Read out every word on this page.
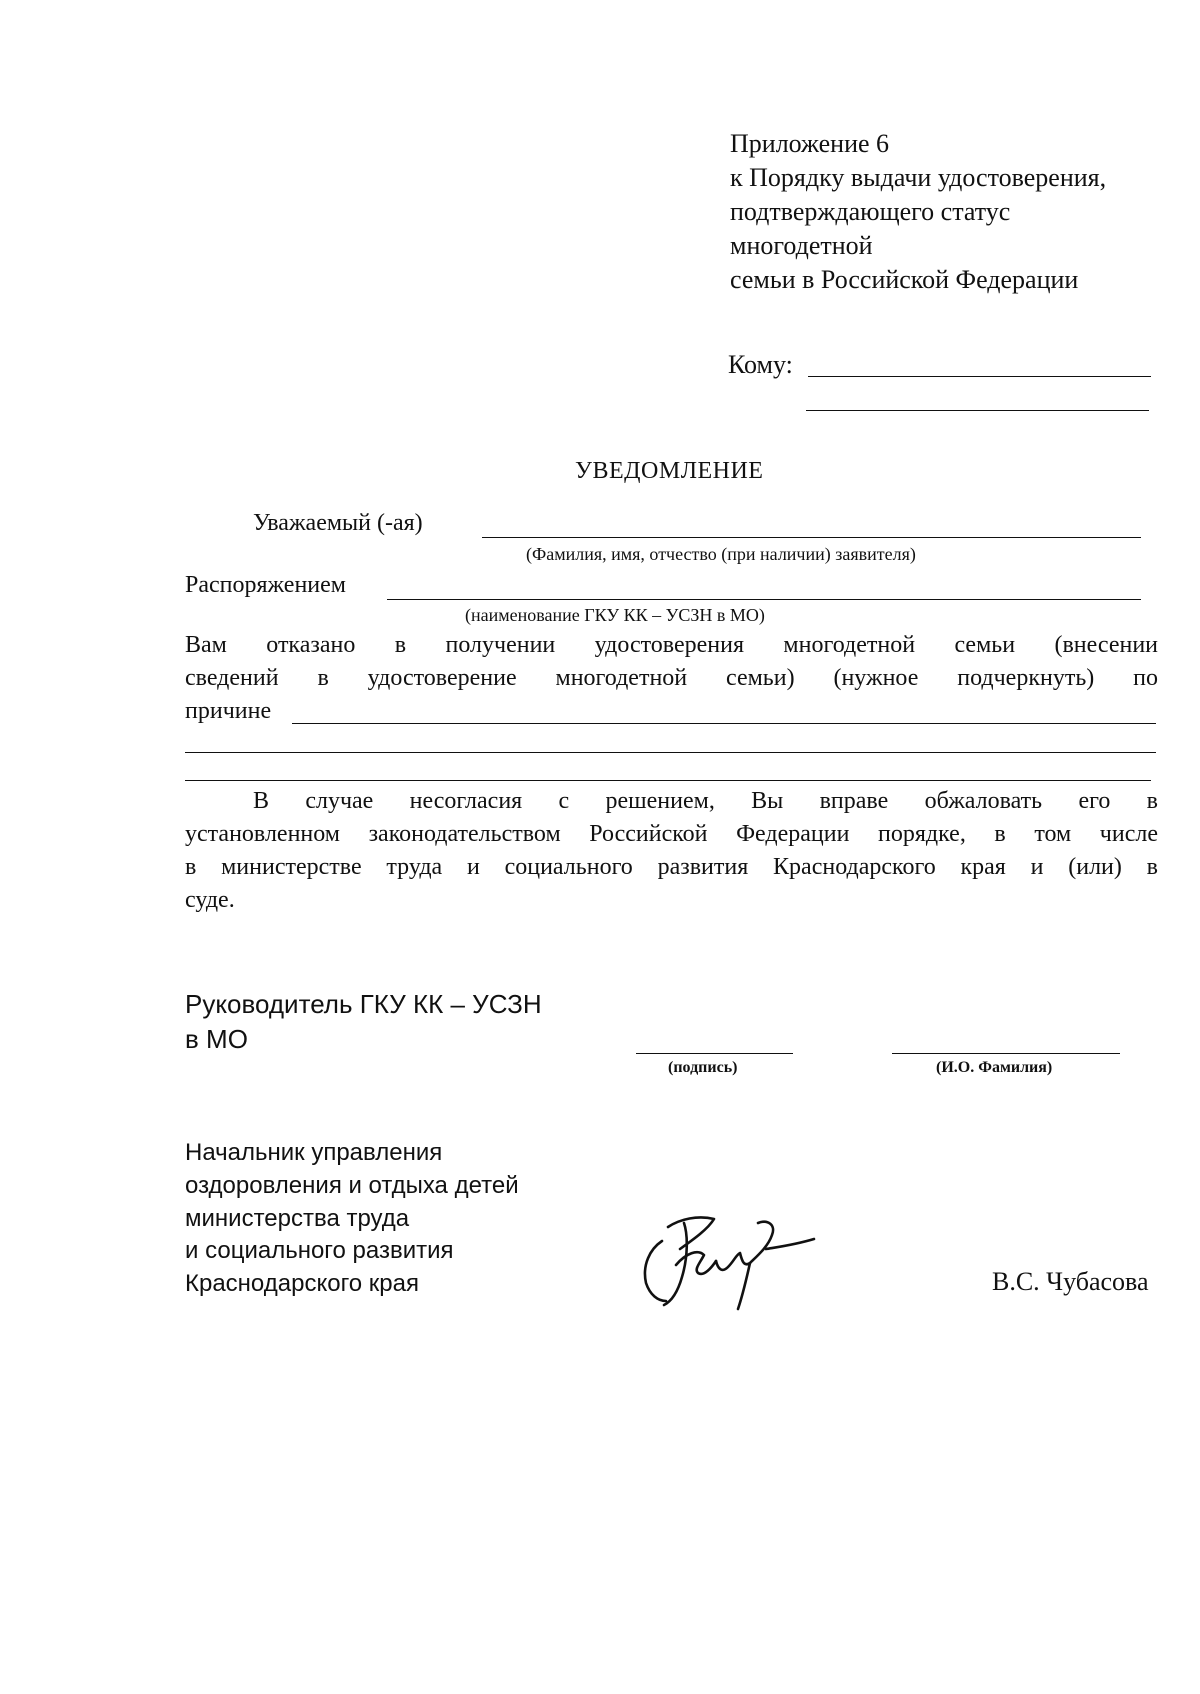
Приложение 6
к Порядку выдачи удостоверения,
подтверждающего статус
многодетной
семьи в Российской Федерации
Кому:
УВЕДОМЛЕНИЕ
Уважаемый (-ая)
(Фамилия, имя, отчество (при наличии) заявителя)
Распоряжением
(наименование ГКУ КК – УСЗН в МО)
Вам отказано в получении удостоверения многодетной семьи (внесении
сведений в удостоверение многодетной семьи) (нужное подчеркнуть) по
причине
В случае несогласия с решением, Вы вправе обжаловать его в
установленном законодательством Российской Федерации порядке, в том числе
в министерстве труда и социального развития Краснодарского края и (или) в
суде.
Руководитель ГКУ КК – УСЗН
в МО
(подпись)	(И.О. Фамилия)
Начальник управления
оздоровления и отдыха детей
министерства труда
и социального развития
Краснодарского края	В.С. Чубасова
